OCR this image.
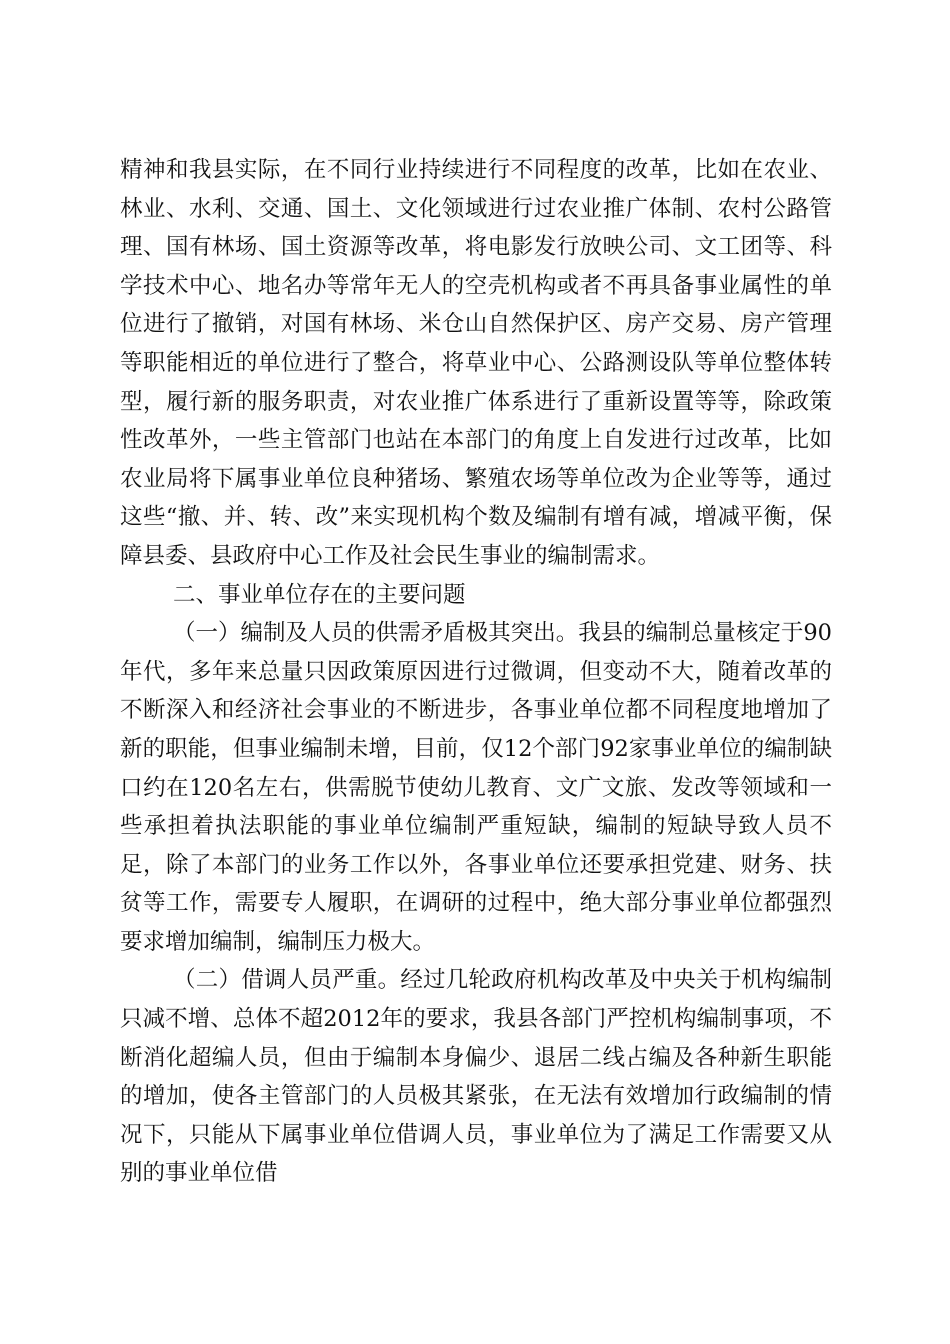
精神和我县实际，在不同行业持续进行不同程度的改革，比如在农业、林业、水利、交通、国土、文化领域进行过农业推广体制、农村公路管理、国有林场、国土资源等改革，将电影发行放映公司、文工团等、科学技术中心、地名办等常年无人的空壳机构或者不再具备事业属性的单位进行了撤销，对国有林场、米仓山自然保护区、房产交易、房产管理等职能相近的单位进行了整合，将草业中心、公路测设队等单位整体转型，履行新的服务职责，对农业推广体系进行了重新设置等等，除政策性改革外，一些主管部门也站在本部门的角度上自发进行过改革，比如农业局将下属事业单位良种猪场、繁殖农场等单位改为企业等等，通过这些“撤、并、转、改”来实现机构个数及编制有增有减，增减平衡，保障县委、县政府中心工作及社会民生事业的编制需求。

二、事业单位存在的主要问题

（一）编制及人员的供需矛盾极其突出。我县的编制总量核定于90年代，多年来总量只因政策原因进行过微调，但变动不大，随着改革的不断深入和经济社会事业的不断进步，各事业单位都不同程度地增加了新的职能，但事业编制未增，目前，仅12个部门92家事业单位的编制缺口约在120名左右，供需脱节使幼儿教育、文广文旅、发改等领域和一些承担着执法职能的事业单位编制严重短缺，编制的短缺导致人员不足，除了本部门的业务工作以外，各事业单位还要承担党建、财务、扶贫等工作，需要专人履职，在调研的过程中，绝大部分事业单位都强烈要求增加编制，编制压力极大。

（二）借调人员严重。经过几轮政府机构改革及中央关于机构编制只减不增、总体不超2012年的要求，我县各部门严控机构编制事项，不断消化超编人员，但由于编制本身偏少、退居二线占编及各种新生职能的增加，使各主管部门的人员极其紧张，在无法有效增加行政编制的情况下，只能从下属事业单位借调人员，事业单位为了满足工作需要又从别的事业单位借
